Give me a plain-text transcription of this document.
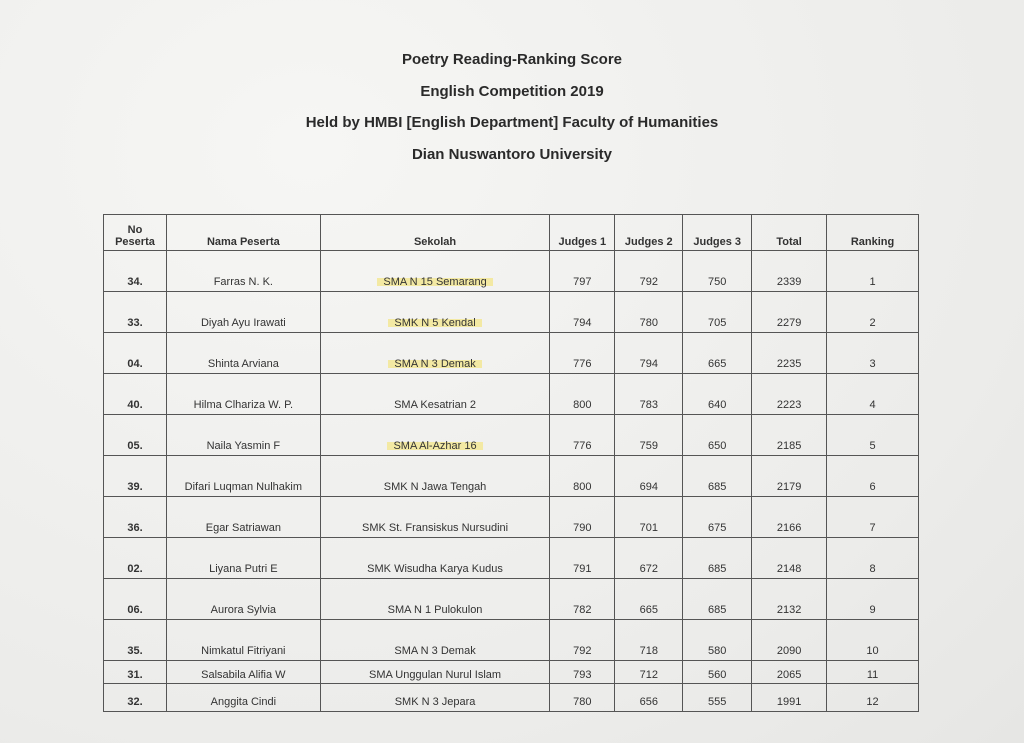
Poetry Reading-Ranking Score
English Competition 2019
Held by HMBI [English Department] Faculty of Humanities
Dian Nuswantoro University
No
Peserta	Nama Peserta	Sekolah	Judges 1	Judges 2	Judges 3	Total	Ranking
34.	Farras N. K.	SMA N 15 Semarang	797	792	750	2339	1
33.	Diyah Ayu Irawati	SMK N 5 Kendal	794	780	705	2279	2
04.	Shinta Arviana	SMA N 3 Demak	776	794	665	2235	3
40.	Hilma Clhariza W. P.	SMA Kesatrian 2	800	783	640	2223	4
05.	Naila Yasmin F	SMA Al-Azhar 16	776	759	650	2185	5
39.	Difari Luqman Nulhakim	SMK N Jawa Tengah	800	694	685	2179	6
36.	Egar Satriawan	SMK St. Fransiskus Nursudini	790	701	675	2166	7
02.	Liyana Putri E	SMK Wisudha Karya Kudus	791	672	685	2148	8
06.	Aurora Sylvia	SMA N 1 Pulokulon	782	665	685	2132	9
35.	Nimkatul Fitriyani	SMA N 3 Demak	792	718	580	2090	10
31.	Salsabila Alifia W	SMA Unggulan Nurul Islam	793	712	560	2065	11
32.	Anggita Cindi	SMK N 3 Jepara	780	656	555	1991	12
